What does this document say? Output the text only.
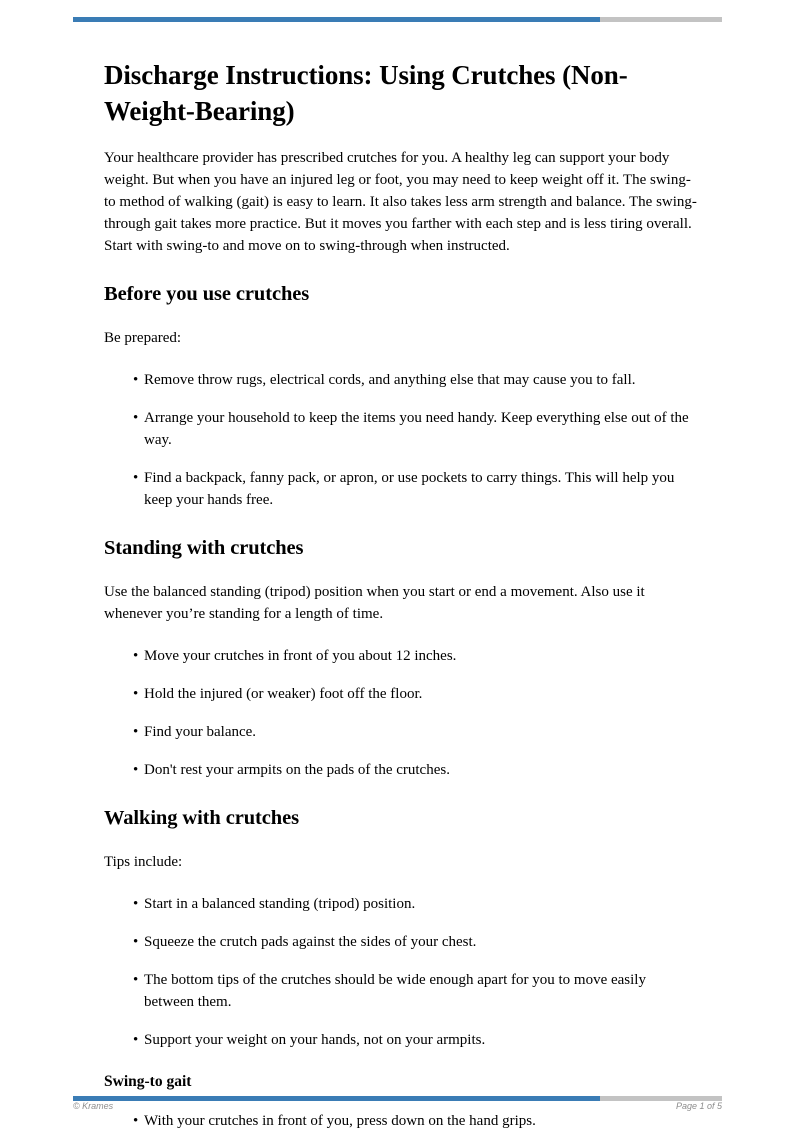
Discharge Instructions: Using Crutches (Non-Weight-Bearing)

Your healthcare provider has prescribed crutches for you. A healthy leg can support your body weight. But when you have an injured leg or foot, you may need to keep weight off it. The swing-to method of walking (gait) is easy to learn. It also takes less arm strength and balance. The swing-through gait takes more practice. But it moves you farther with each step and is less tiring overall. Start with swing-to and move on to swing-through when instructed.

Before you use crutches

Be prepared:

• Remove throw rugs, electrical cords, and anything else that may cause you to fall.
• Arrange your household to keep the items you need handy. Keep everything else out of the way.
• Find a backpack, fanny pack, or apron, or use pockets to carry things. This will help you keep your hands free.
Standing with crutches

Use the balanced standing (tripod) position when you start or end a movement. Also use it whenever you’re standing for a length of time.

• Move your crutches in front of you about 12 inches.
• Hold the injured (or weaker) foot off the floor.
• Find your balance.
• Don't rest your armpits on the pads of the crutches.
Walking with crutches

Tips include:

• Start in a balanced standing (tripod) position.
• Squeeze the crutch pads against the sides of your chest.
• The bottom tips of the crutches should be wide enough apart for you to move easily between them.
• Support your weight on your hands, not on your armpits.
Swing-to gait
• With your crutches in front of you, press down on the hand grips.
© Krames	Page 1 of 5
